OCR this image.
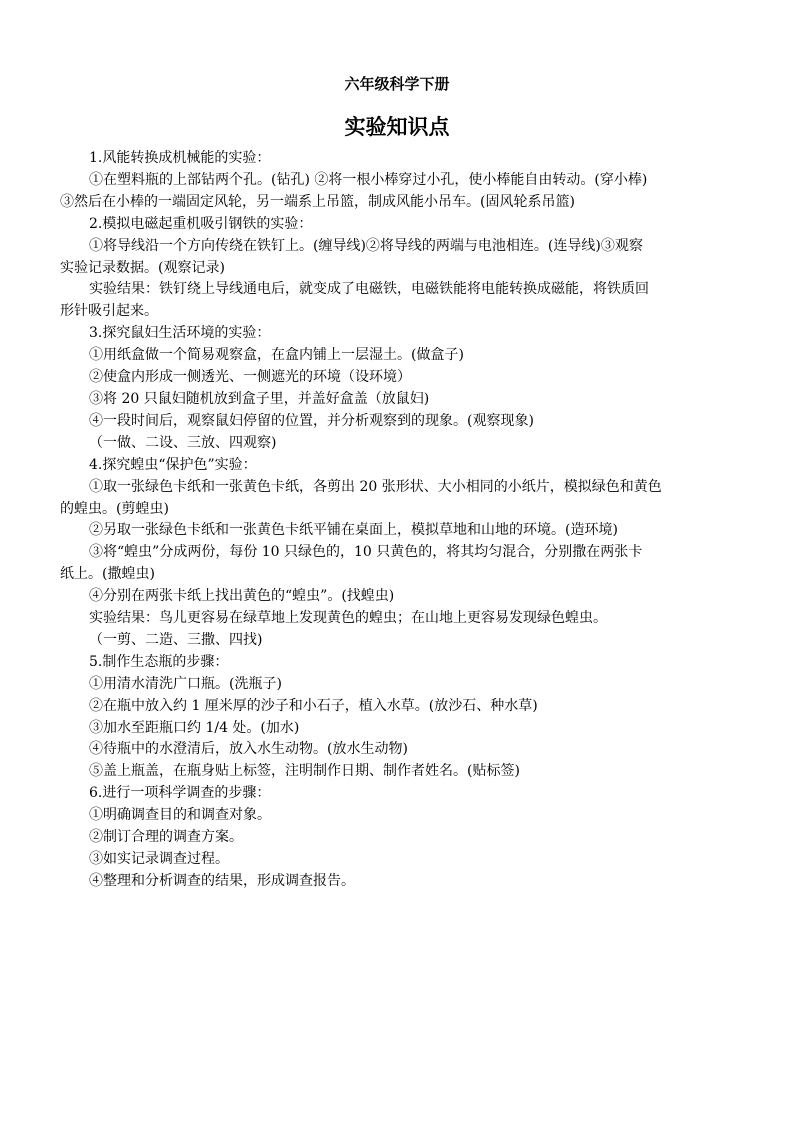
六年级科学下册
实验知识点

1.风能转换成机械能的实验：

①在塑料瓶的上部钻两个孔。(钻孔) ②将一根小棒穿过小孔，使小棒能自由转动。(穿小棒)

③然后在小棒的一端固定风轮，另一端系上吊篮，制成风能小吊车。(固风轮系吊篮)

2.模拟电磁起重机吸引钢铁的实验：

①将导线沿一个方向传绕在铁钉上。(缠导线)②将导线的两端与电池相连。(连导线)③观察

实验记录数据。(观察记录)

实验结果：铁钉绕上导线通电后，就变成了电磁铁，电磁铁能将电能转换成磁能，将铁质回

形针吸引起来。

3.探究鼠妇生活环境的实验：

①用纸盒做一个简易观察盒，在盒内铺上一层湿土。(做盒子)

②使盒内形成一侧透光、一侧遮光的环境（设环境）

③将 20 只鼠妇随机放到盒子里，并盖好盒盖（放鼠妇)

④一段时间后，观察鼠妇停留的位置，并分析观察到的现象。(观察现象)

（一做、二设、三放、四观察)

4.探究蝗虫“保护色”实验：

①取一张绿色卡纸和一张黄色卡纸，各剪出 20 张形状、大小相同的小纸片，模拟绿色和黄色

的蝗虫。(剪蝗虫)

②另取一张绿色卡纸和一张黄色卡纸平铺在桌面上，模拟草地和山地的环境。(造环境)

③将“蝗虫”分成两份，每份 10 只绿色的，10 只黄色的，将其均匀混合，分别撒在两张卡

纸上。(撒蝗虫)

④分别在两张卡纸上找出黄色的“蝗虫”。(找蝗虫)

实验结果：鸟儿更容易在绿草地上发现黄色的蝗虫；在山地上更容易发现绿色蝗虫。

（一剪、二造、三撒、四找)

5.制作生态瓶的步骤：

①用清水清洗广口瓶。(洗瓶子)

②在瓶中放入约 1 厘米厚的沙子和小石子，植入水草。(放沙石、种水草)

③加水至距瓶口约 1/4 处。(加水)

④待瓶中的水澄清后，放入水生动物。(放水生动物)

⑤盖上瓶盖，在瓶身贴上标签，注明制作日期、制作者姓名。(贴标签)

6.进行一项科学调查的步骤：

①明确调查目的和调查对象。

②制订合理的调查方案。

③如实记录调查过程。

④整理和分析调查的结果，形成调查报告。
